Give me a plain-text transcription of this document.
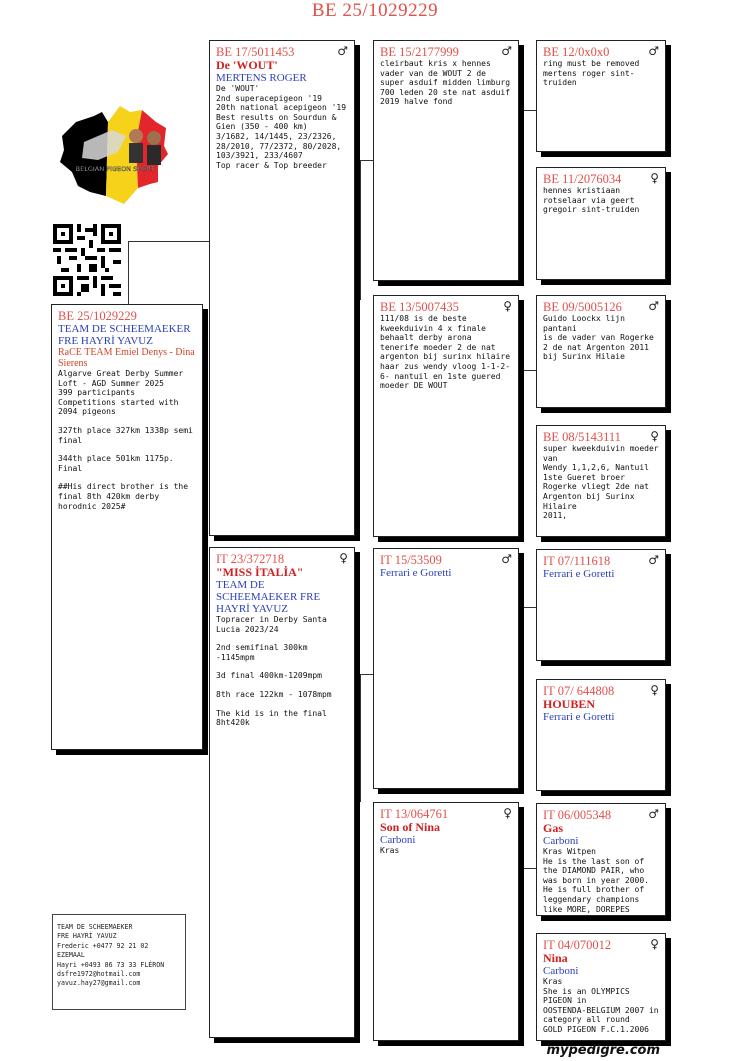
BE 25/1029229
BELGIAN PIGEON SPORT
BE 25/1029229
TEAM DE SCHEEMAEKER FRE HAYRİ YAVUZ
RaCE TEAM Emiel Denys - Dina Sierens
Algarve Great Derby Summer Loft - AGD Summer 2025
399 participants
Competitions started with 2094 pigeons
327th place 327km 1338p semi final
344th place 501km 1175p. Final
##His direct brother is the final 8th 420km derby horodnic 2025#
BE 17/5011453	♂
De 'WOUT'
MERTENS ROGER
De 'WOUT'
2nd superacepigeon '19
20th national acepigeon '19
Best results on Sourdun & Gien (350 - 400 km)
3/1682, 14/1445, 23/2326, 28/2010, 77/2372, 80/2028, 103/3921, 233/4607
Top racer & Top breeder
IT 23/372718	♀
"MISS İTALİA"
TEAM DE SCHEEMAEKER FRE HAYRİ YAVUZ
Topracer in Derby Santa Lucia 2023/24
2nd semifinal 300km -1145mpm
3d final 400km-1209mpm
8th race 122km - 1078mpm
The kid is in the final 8ht420k
BE 15/2177999	♂
cleirbaut kris x hennes
vader van de WOUT 2 de super asduif midden limburg 700 leden 20 ste nat asduif 2019 halve fond
BE 13/5007435	♀
111/08 is de beste kweekduivin 4 x finale behaalt derby arona tenerife moeder 2 de nat argenton bij surinx hilaire haar zus wendy vloog 1-1-2-6- nantuil en 1ste guered moeder DE WOUT
IT 15/53509	♂
Ferrari e Goretti
IT 13/064761	♀
Son of Nina
Carboni
Kras
BE 12/0x0x0	♂
ring must be removed
mertens roger sint-truiden
BE 11/2076034	♀
hennes kristiaan
rotselaar via geert gregoir sint-truiden
BE 09/5005126	♂
Guido Loockx lijn pantani
is de vader van Rogerke
2 de nat Argenton 2011 bij Surinx Hilaie
BE 08/5143111	♀
super kweekduivin moeder van
Wendy 1,1,2,6, Nantuil 1ste Gueret broer Rogerke vliegt 2de nat Argenton bij Surinx Hilaire
2011,
IT 07/111618	♂
Ferrari e Goretti
IT 07/ 644808	♀
HOUBEN
Ferrari e Goretti
IT 06/005348	♂
Gas
Carboni
Kras Witpen
He is the last son of the DIAMOND PAIR, who was born in year 2000. He is full brother of
leggendary champions like MORE, DOREPES
IT 04/070012	♀
Nina
Carboni
Kras
She is an OLYMPICS PIGEON in
OOSTENDA-BELGIUM 2007 in category all round
GOLD PIGEON F.C.1.2006
TEAM DE SCHEEMAEKER
FRE HAYRİ YAVUZ
Frederic +0477 92 21 02
EZEMAAL
Hayri +0493 86 73 33 FLÉRON
dsfre1972@hotmail.com
yavuz.hay27@gmail.com
mypedigre.com
